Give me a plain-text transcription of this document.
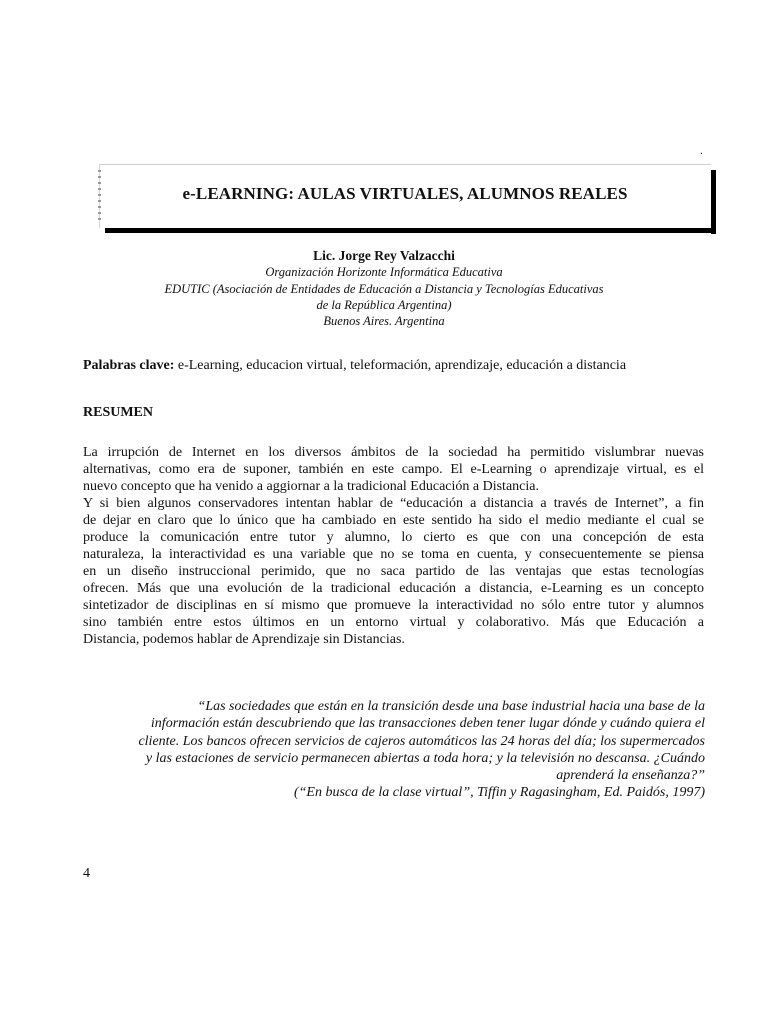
.
e-LEARNING: AULAS VIRTUALES, ALUMNOS REALES
Lic. Jorge Rey Valzacchi
Organización Horizonte Informática Educativa
EDUTIC (Asociación de Entidades de Educación a Distancia y Tecnologías Educativas
de la República Argentina)
Buenos Aires. Argentina
Palabras clave: e-Learning, educacion virtual, teleformación, aprendizaje, educación a distancia
RESUMEN

La irrupción de Internet en los diversos ámbitos de la sociedad ha permitido vislumbrar nuevas

alternativas, como era de suponer, también en este campo. El e-Learning o aprendizaje virtual, es el

nuevo concepto que ha venido a aggiornar a la tradicional Educación a Distancia.

Y si bien algunos conservadores intentan hablar de “educación a distancia a través de Internet”, a fin

de dejar en claro que lo único que ha cambiado en este sentido ha sido el medio mediante el cual se

produce la comunicación entre tutor y alumno, lo cierto es que con una concepción de esta

naturaleza, la interactividad es una variable que no se toma en cuenta, y consecuentemente se piensa

en un diseño instruccional perimido, que no saca partido de las ventajas que estas tecnologías

ofrecen. Más que una evolución de la tradicional educación a distancia, e-Learning es un concepto

sintetizador de disciplinas en sí mismo que promueve la interactividad no sólo entre tutor y alumnos

sino también entre estos últimos en un entorno virtual y colaborativo. Más que Educación a

Distancia, podemos hablar de Aprendizaje sin Distancias.

“Las sociedades que están en la transición desde una base industrial hacia una base de la
información están descubriendo que las transacciones deben tener lugar dónde y cuándo quiera el
cliente. Los bancos ofrecen servicios de cajeros automáticos las 24 horas del día; los supermercados
y las estaciones de servicio permanecen abiertas a toda hora; y la televisión no descansa. ¿Cuándo
aprenderá la enseñanza?”
(“En busca de la clase virtual”, Tiffin y Ragasingham, Ed. Paidós, 1997)
4
